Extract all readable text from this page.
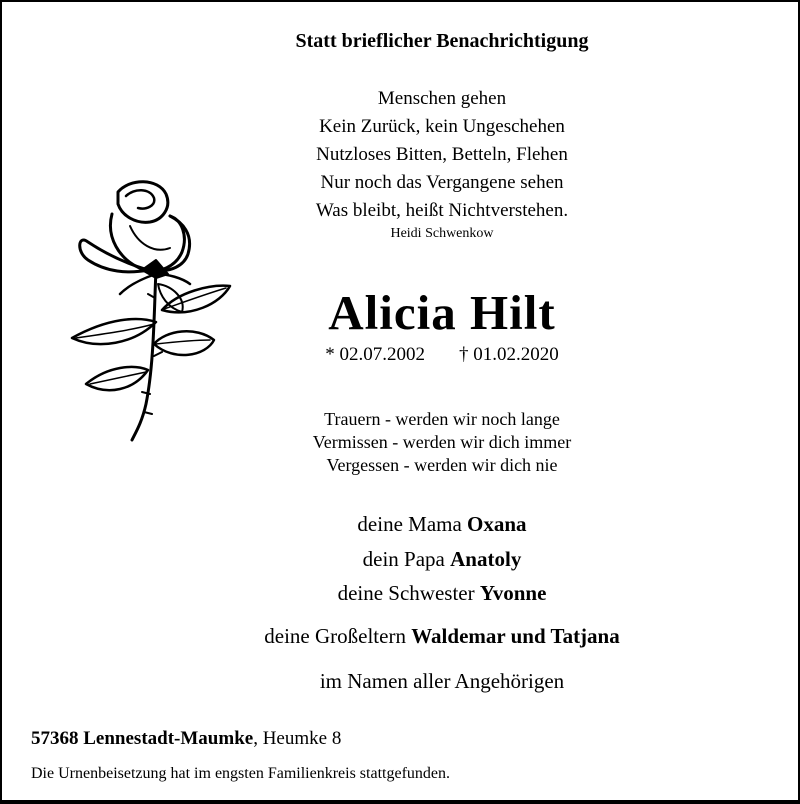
Statt brieflicher Benachrichtigung
Menschen gehen
Kein Zurück, kein Ungeschehen
Nutzloses Bitten, Betteln, Flehen
Nur noch das Vergangene sehen
Was bleibt, heißt Nichtverstehen.
Heidi Schwenkow
Alicia Hilt
* 02.07.2002 † 01.02.2020
Trauern - werden wir noch lange
Vermissen - werden wir dich immer
Vergessen - werden wir dich nie
deine Mama Oxana
dein Papa Anatoly
deine Schwester Yvonne
deine Großeltern Waldemar und Tatjana
im Namen aller Angehörigen
57368 Lennestadt-Maumke, Heumke 8
Die Urnenbeisetzung hat im engsten Familienkreis stattgefunden.
